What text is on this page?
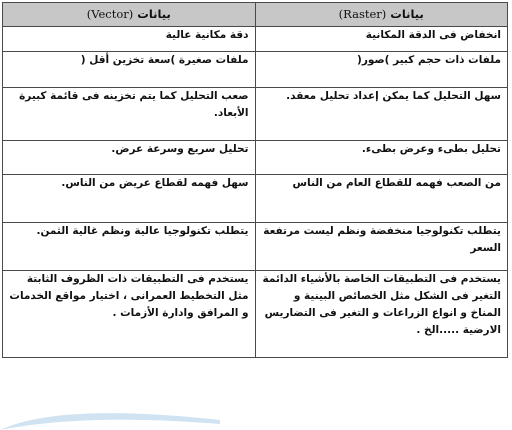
بيانات (Raster)	بيانات (Vector)
انخفاض فى الدقة المكانية	دقة مكانية عالية
ملفات ذات حجم كبير )صور(	ملفات صغيرة )سعة تخزين أقل (
سهل التحليل كما يمكن إعداد تحليل معقد.	صعب التحليل كما يتم تخزينه فى قائمة كبيرة الأبعاد.
تحليل بطىء وعرض بطىء.	تحليل سريع وسرعة عرض.
من الصعب فهمه للقطاع العام من الناس	سهل فهمه لقطاع عريض من الناس.
يتطلب تكنولوجيا منخفضة ونظم ليست مرتفعة السعر	يتطلب تكنولوجيا عالية ونظم غالية الثمن.
يستخدم فى التطبيقات الخاصة بالأشياء الدائمة التغير فى الشكل مثل الخصائص البينية و المناخ و انواع الزراعات و التغير فى التضاريس الارضية .....الخ .	يستخدم فى التطبيقات ذات الظروف الثابتة مثل التخطيط العمرانى ، اختيار مواقع الخدمات و المرافق وادارة الأزمات .
